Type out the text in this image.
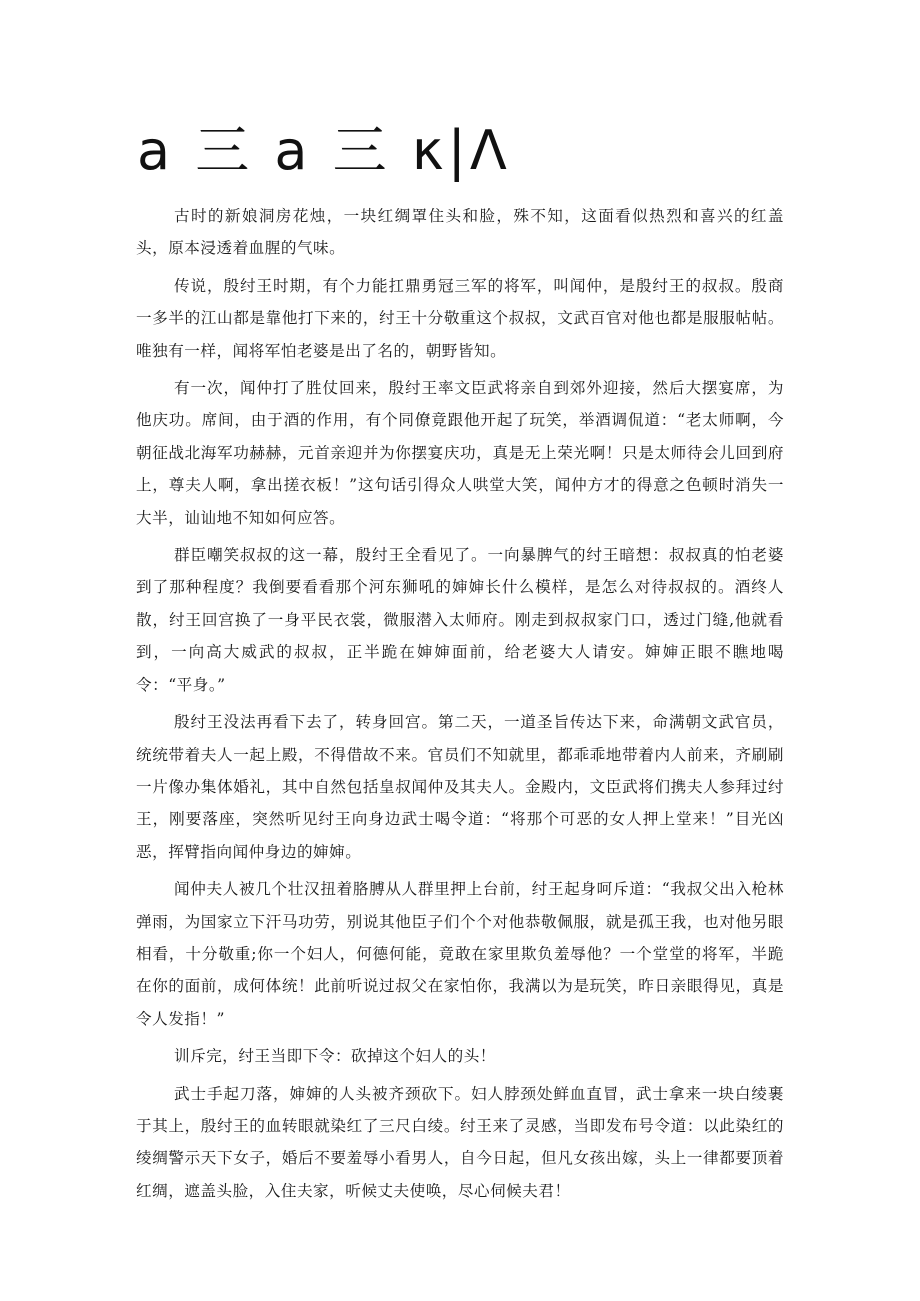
a 三 a 三 κ|Λ

古时的新娘洞房花烛，一块红绸罩住头和脸，殊不知，这面看似热烈和喜兴的红盖头，原本浸透着血腥的气味。

传说，殷纣王时期，有个力能扛鼎勇冠三军的将军，叫闻仲，是殷纣王的叔叔。殷商一多半的江山都是靠他打下来的，纣王十分敬重这个叔叔，文武百官对他也都是服服帖帖。唯独有一样，闻将军怕老婆是出了名的，朝野皆知。

有一次，闻仲打了胜仗回来，殷纣王率文臣武将亲自到郊外迎接，然后大摆宴席，为他庆功。席间，由于酒的作用，有个同僚竟跟他开起了玩笑，举酒调侃道：“老太师啊，今朝征战北海军功赫赫，元首亲迎并为你摆宴庆功，真是无上荣光啊！只是太师待会儿回到府上，尊夫人啊，拿出搓衣板！”这句话引得众人哄堂大笑，闻仲方才的得意之色顿时消失一大半，讪讪地不知如何应答。

群臣嘲笑叔叔的这一幕，殷纣王全看见了。一向暴脾气的纣王暗想：叔叔真的怕老婆到了那种程度？我倒要看看那个河东狮吼的婶婶长什么模样，是怎么对待叔叔的。酒终人散，纣王回宫换了一身平民衣裳，微服潜入太师府。刚走到叔叔家门口，透过门缝,他就看到，一向高大威武的叔叔，正半跪在婶婶面前，给老婆大人请安。婶婶正眼不瞧地喝令：“平身。”

殷纣王没法再看下去了，转身回宫。第二天，一道圣旨传达下来，命满朝文武官员，统统带着夫人一起上殿，不得借故不来。官员们不知就里，都乖乖地带着内人前来，齐刷刷一片像办集体婚礼，其中自然包括皇叔闻仲及其夫人。金殿内，文臣武将们携夫人参拜过纣王，刚要落座，突然听见纣王向身边武士喝令道：“将那个可恶的女人押上堂来！”目光凶恶，挥臂指向闻仲身边的婶婶。

闻仲夫人被几个壮汉扭着胳膊从人群里押上台前，纣王起身呵斥道：“我叔父出入枪林弹雨，为国家立下汗马功劳，别说其他臣子们个个对他恭敬佩服，就是孤王我，也对他另眼相看，十分敬重;你一个妇人，何德何能，竟敢在家里欺负羞辱他？一个堂堂的将军，半跪在你的面前，成何体统！此前听说过叔父在家怕你，我满以为是玩笑，昨日亲眼得见，真是令人发指！”

训斥完，纣王当即下令：砍掉这个妇人的头！

武士手起刀落，婶婶的人头被齐颈砍下。妇人脖颈处鲜血直冒，武士拿来一块白绫裹于其上，殷纣王的血转眼就染红了三尺白绫。纣王来了灵感，当即发布号令道：以此染红的绫绸警示天下女子，婚后不要羞辱小看男人，自今日起，但凡女孩出嫁，头上一律都要顶着红绸，遮盖头脸，入住夫家，听候丈夫使唤，尽心伺候夫君！
